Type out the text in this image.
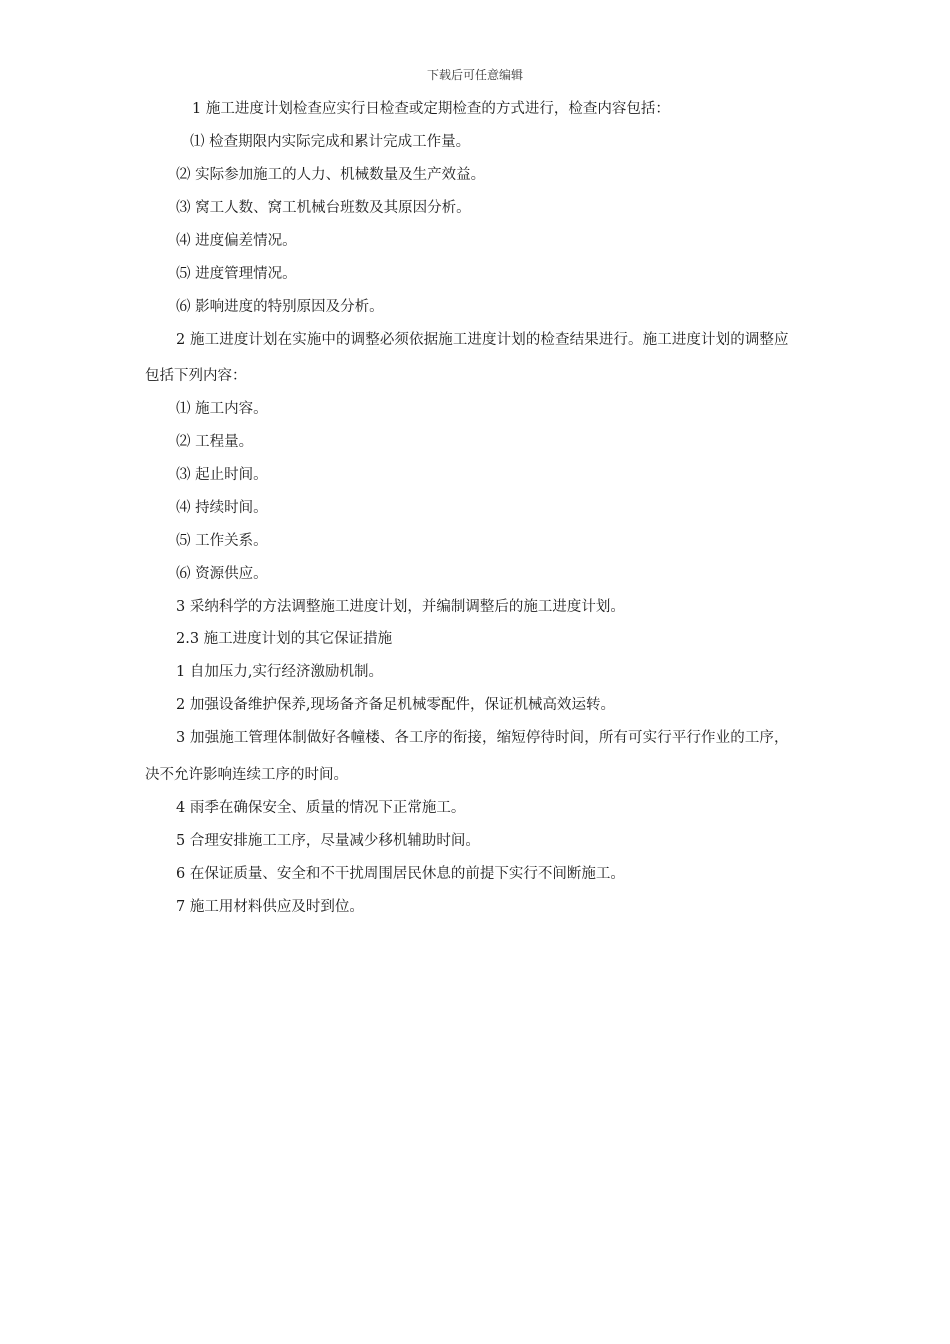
下载后可任意编辑
1 施工进度计划检查应实行日检查或定期检查的方式进行，检查内容包括：
⑴ 检查期限内实际完成和累计完成工作量。
⑵ 实际参加施工的人力、机械数量及生产效益。
⑶ 窝工人数、窝工机械台班数及其原因分析。
⑷ 进度偏差情况。
⑸ 进度管理情况。
⑹ 影响进度的特别原因及分析。
2 施工进度计划在实施中的调整必须依据施工进度计划的检查结果进行。施工进度计划的调整应
包括下列内容：
⑴ 施工内容。
⑵ 工程量。
⑶ 起止时间。
⑷ 持续时间。
⑸ 工作关系。
⑹ 资源供应。
3 采纳科学的方法调整施工进度计划，并编制调整后的施工进度计划。
2.3 施工进度计划的其它保证措施
1 自加压力,实行经济激励机制。
2 加强设备维护保养,现场备齐备足机械零配件，保证机械高效运转。
3 加强施工管理体制做好各幢楼、各工序的衔接，缩短停待时间，所有可实行平行作业的工序，
决不允许影响连续工序的时间。
4 雨季在确保安全、质量的情况下正常施工。
5 合理安排施工工序，尽量减少移机辅助时间。
6 在保证质量、安全和不干扰周围居民休息的前提下实行不间断施工。
7 施工用材料供应及时到位。
